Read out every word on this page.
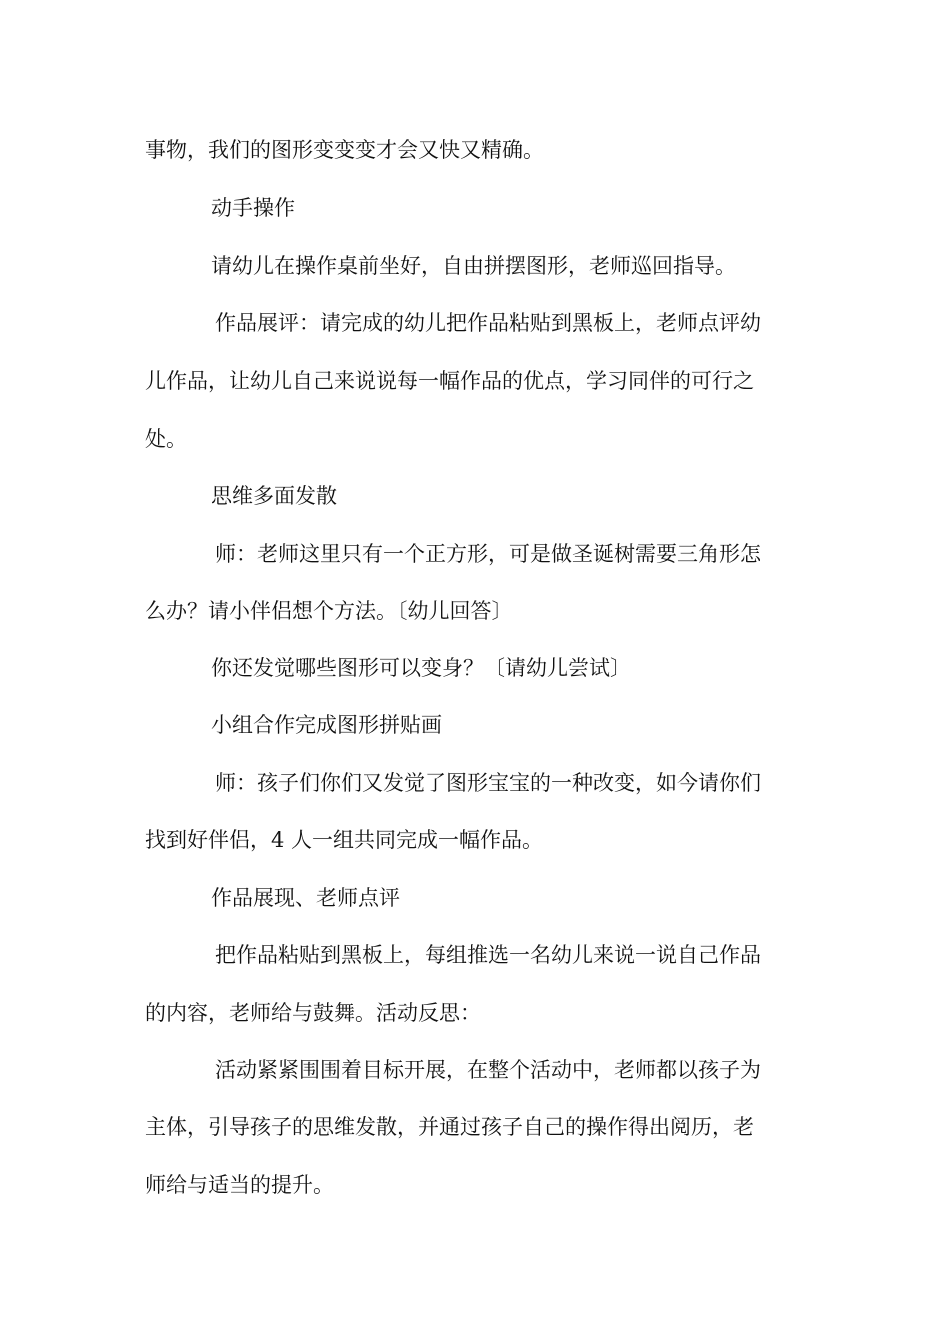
事物，我们的图形变变变才会又快又精确。
动手操作
请幼儿在操作桌前坐好，自由拼摆图形，老师巡回指导。
作品展评：请完成的幼儿把作品粘贴到黑板上，老师点评幼
儿作品，让幼儿自己来说说每一幅作品的优点，学习同伴的可行之
处。
思维多面发散
师：老师这里只有一个正方形，可是做圣诞树需要三角形怎
么办？请小伴侣想个方法。〔幼儿回答〕
你还发觉哪些图形可以变身？〔请幼儿尝试〕
小组合作完成图形拼贴画
师：孩子们你们又发觉了图形宝宝的一种改变，如今请你们
找到好伴侣，4 人一组共同完成一幅作品。
作品展现、老师点评
把作品粘贴到黑板上，每组推选一名幼儿来说一说自己作品
的内容，老师给与鼓舞。活动反思：
活动紧紧围围着目标开展，在整个活动中，老师都以孩子为
主体，引导孩子的思维发散，并通过孩子自己的操作得出阅历，老
师给与适当的提升。
